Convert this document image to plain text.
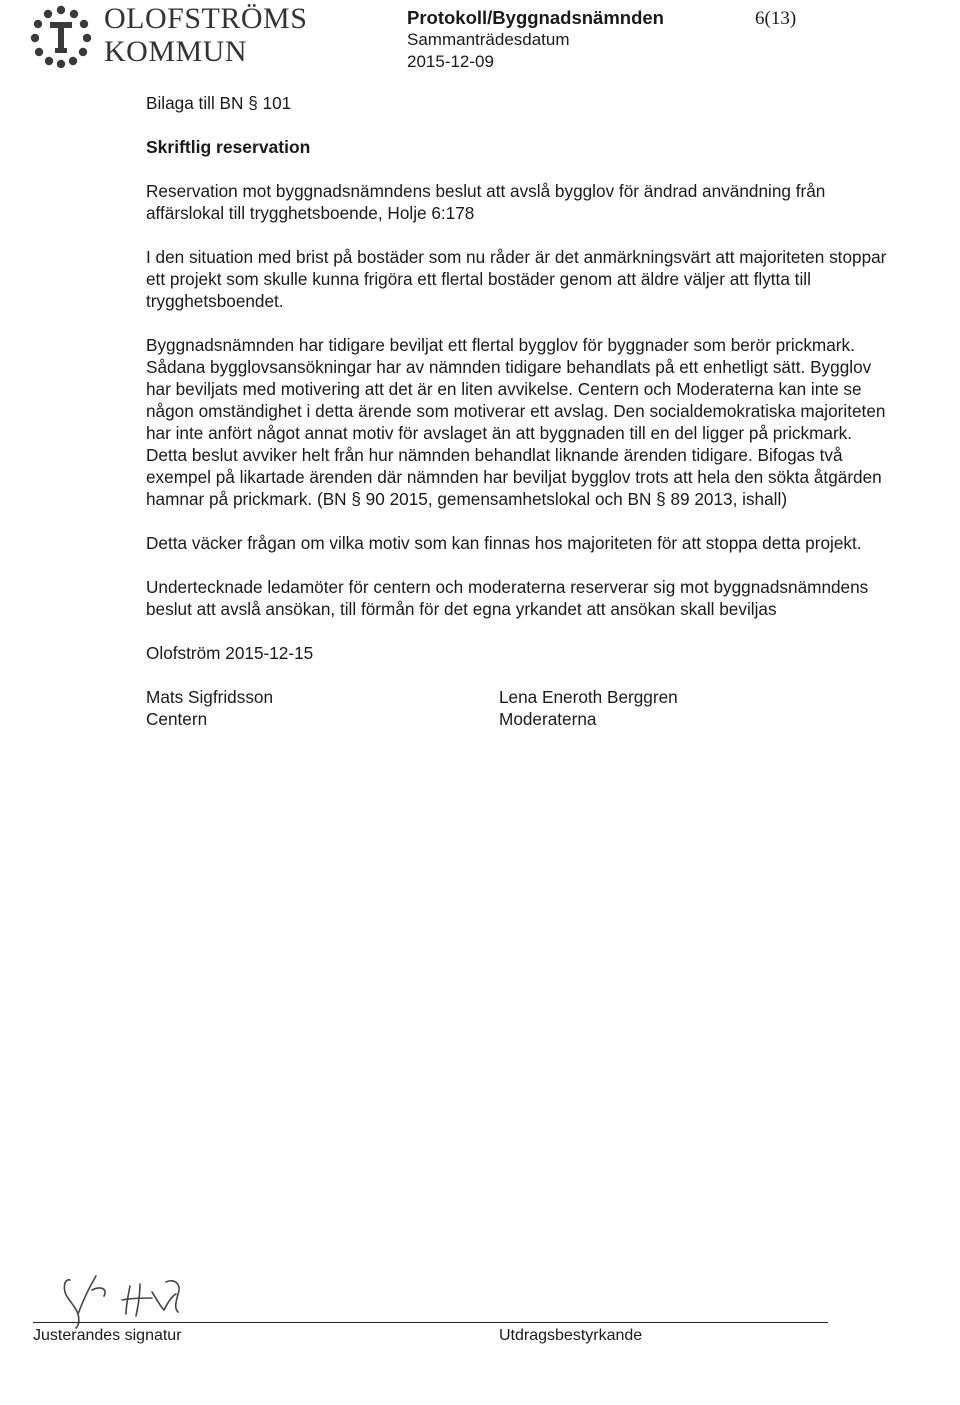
OLOFSTRÖMS
KOMMUN
Protokoll/Byggnadsnämnden
Sammanträdesdatum
2015-12-09
6(13)

Bilaga till BN § 101

Skriftlig reservation

Reservation mot byggnadsnämndens beslut att avslå bygglov för ändrad användning från affärslokal till trygghetsboende, Holje 6:178

I den situation med brist på bostäder som nu råder är det anmärkningsvärt att majoriteten stoppar ett projekt som skulle kunna frigöra ett flertal bostäder genom att äldre väljer att flytta till trygghetsboendet.

Byggnadsnämnden har tidigare beviljat ett flertal bygglov för byggnader som berör prickmark. Sådana bygglovsansökningar har av nämnden tidigare behandlats på ett enhetligt sätt. Bygglov har beviljats med motivering att det är en liten avvikelse. Centern och Moderaterna kan inte se någon omständighet i detta ärende som motiverar ett avslag. Den socialdemokratiska majoriteten har inte anfört något annat motiv för avslaget än att byggnaden till en del ligger på prickmark. Detta beslut avviker helt från hur nämnden behandlat liknande ärenden tidigare. Bifogas två exempel på likartade ärenden där nämnden har beviljat bygglov trots att hela den sökta åtgärden hamnar på prickmark. (BN § 90 2015, gemensamhetslokal och BN § 89 2013, ishall)

Detta väcker frågan om vilka motiv som kan finnas hos majoriteten för att stoppa detta projekt.

Undertecknade ledamöter för centern och moderaterna reserverar sig mot byggnadsnämndens beslut att avslå ansökan, till förmån för det egna yrkandet att ansökan skall beviljas

Olofström 2015-12-15

Mats Sigfridsson
Centern
Lena Eneroth Berggren
Moderaterna
Justerandes signatur	Utdragsbestyrkande
